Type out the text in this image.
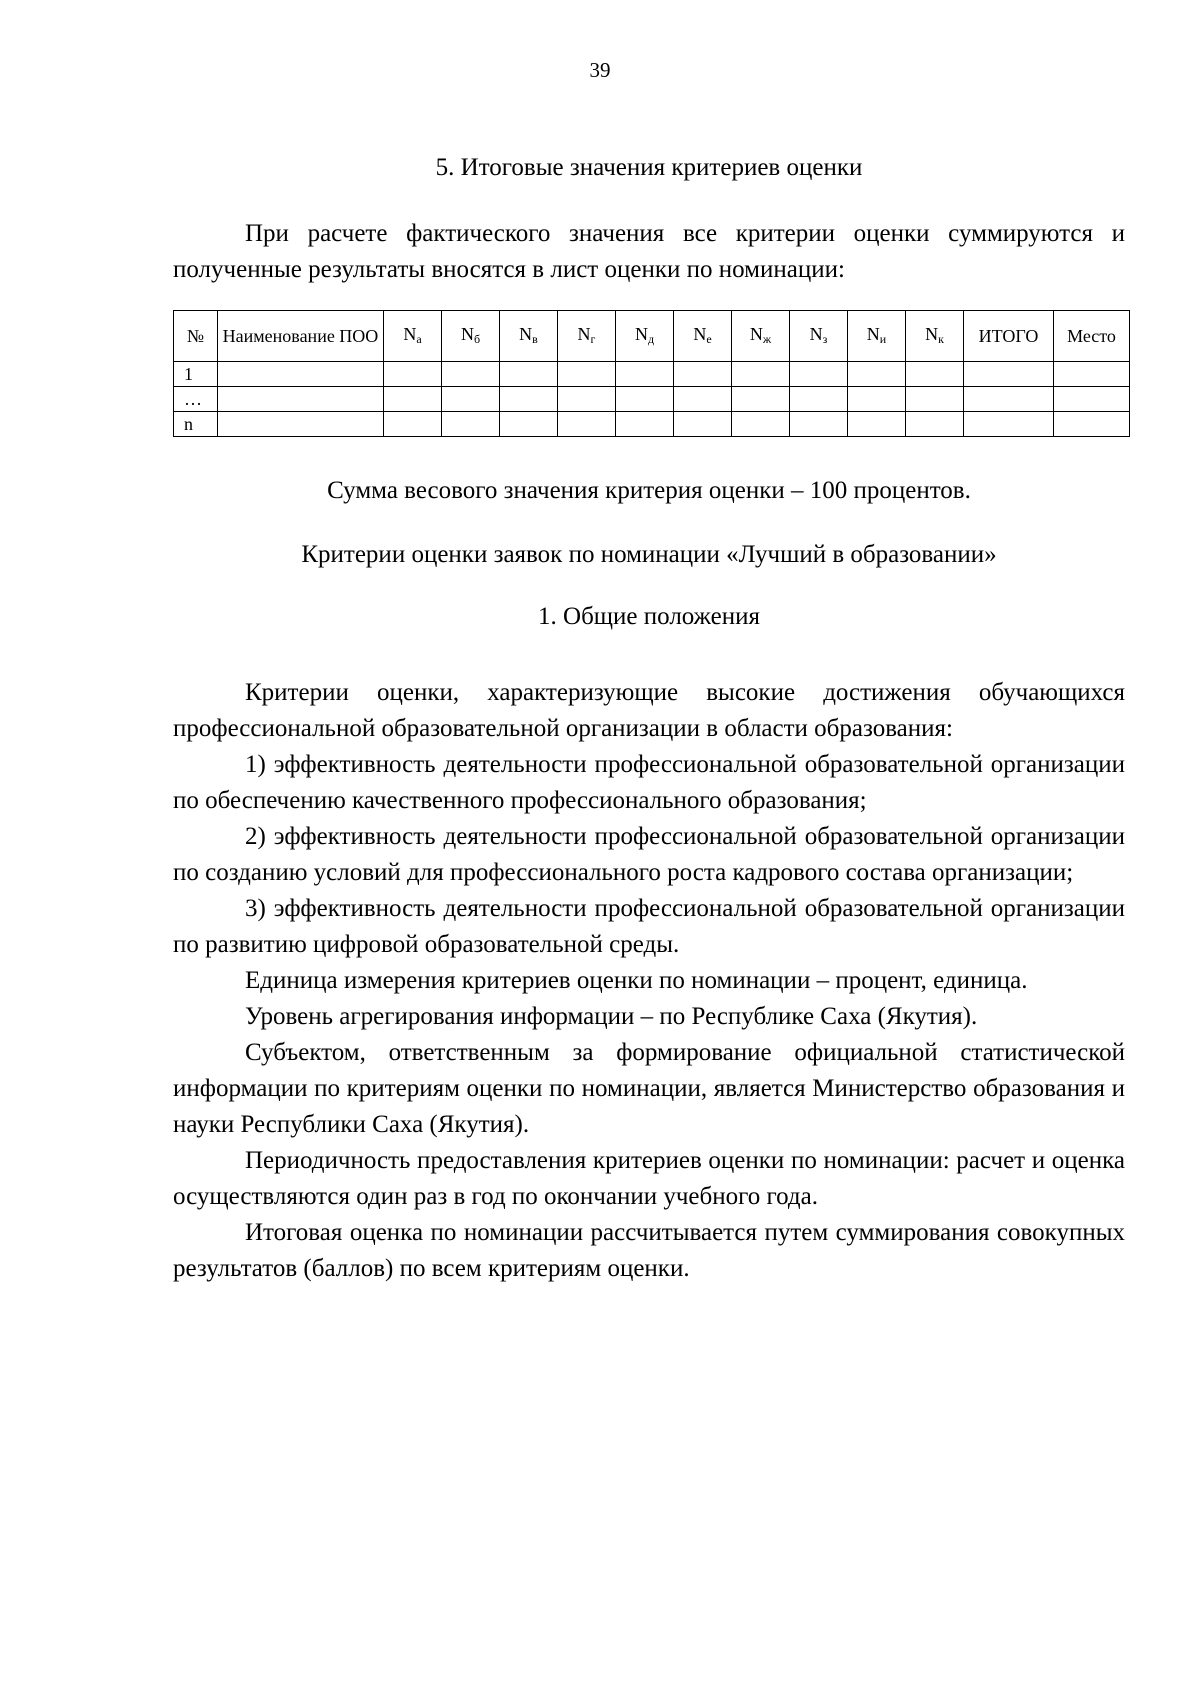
39

5. Итоговые значения критериев оценки

При расчете фактического значения все критерии оценки суммируются и полученные результаты вносятся в лист оценки по номинации:

№	Наименование ПОО	$N_а$	$N_б$	$N_в$	$N_г$	$N_д$	$N_е$	$N_ж$	$N_з$	$N_и$	$N_к$	ИТОГО	Место
1													
…													
n													

Сумма весового значения критерия оценки – 100 процентов.

Критерии оценки заявок по номинации «Лучший в образовании»

1. Общие положения

Критерии оценки, характеризующие высокие достижения обучающихся профессиональной образовательной организации в области образования:

1) эффективность деятельности профессиональной образовательной организации по обеспечению качественного профессионального образования;

2) эффективность деятельности профессиональной образовательной организации по созданию условий для профессионального роста кадрового состава организации;

3) эффективность деятельности профессиональной образовательной организации по развитию цифровой образовательной среды.

Единица измерения критериев оценки по номинации – процент, единица.

Уровень агрегирования информации – по Республике Саха (Якутия).

Субъектом, ответственным за формирование официальной статистической информации по критериям оценки по номинации, является Министерство образования и науки Республики Саха (Якутия).

Периодичность предоставления критериев оценки по номинации: расчет и оценка осуществляются один раз в год по окончании учебного года.

Итоговая оценка по номинации рассчитывается путем суммирования совокупных результатов (баллов) по всем критериям оценки.
